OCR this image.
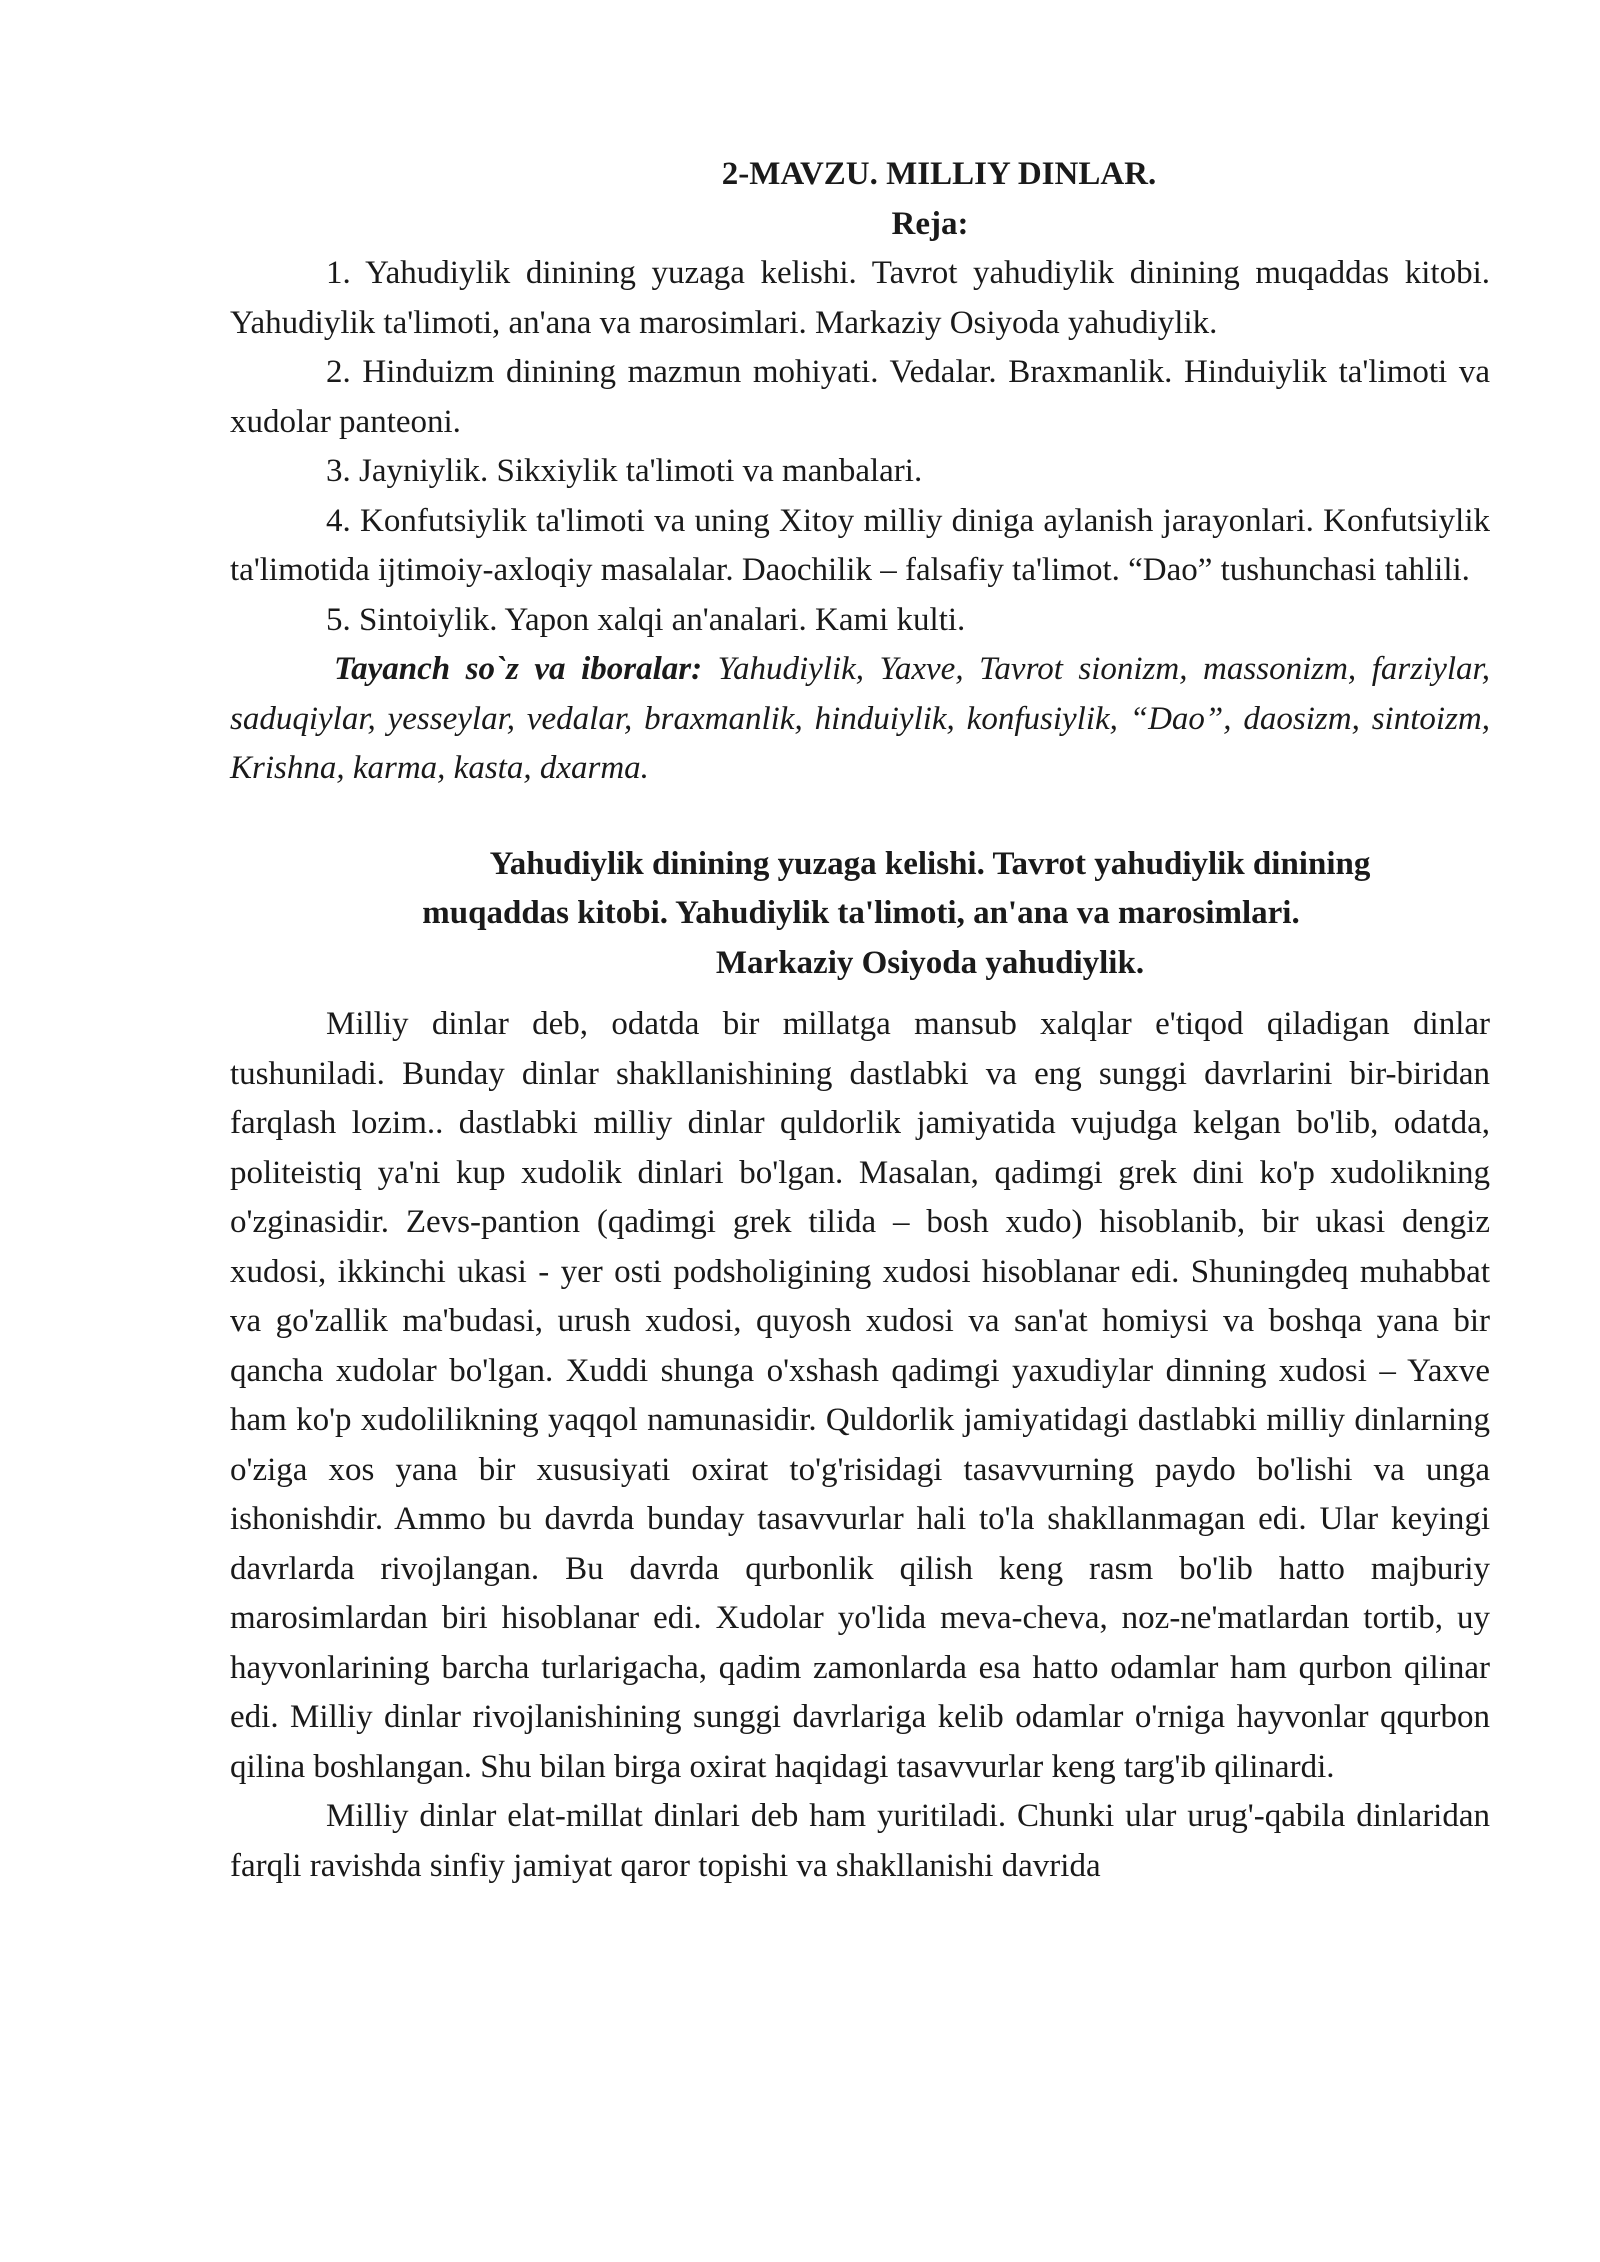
2-MAVZU. MILLIY DINLAR.

Reja:

1. Yahudiylik dinining yuzaga kelishi. Tavrot yahudiylik dinining muqaddas kitobi. Yahudiylik ta'limoti, an'ana va marosimlari. Markaziy Osiyoda yahudiylik.

2. Hinduizm dinining mazmun mohiyati. Vedalar. Braxmanlik. Hinduiylik ta'limoti va xudolar panteoni.

3. Jayniylik. Sikxiylik ta'limoti va manbalari.

4. Konfutsiylik ta'limoti va uning Xitoy milliy diniga aylanish jarayonlari. Konfutsiylik ta'limotida ijtimoiy-axloqiy masalalar. Daochilik – falsafiy ta'limot. “Dao” tushunchasi tahlili.

5. Sintoiylik. Yapon xalqi an'analari. Kami kulti.

Tayanch so`z va iboralar: Yahudiylik, Yaxve, Tavrot sionizm, massonizm, farziylar, saduqiylar, yesseylar, vedalar, braxmanlik, hinduiylik, konfusiylik, “Dao”, daosizm, sintoizm, Krishna, karma, kasta, dxarma.

Yahudiylik dinining yuzaga kelishi. Tavrot yahudiylik dinining
muqaddas kitobi. Yahudiylik ta'limoti, an'ana va marosimlari.
Markaziy Osiyoda yahudiylik.

Milliy dinlar deb, odatda bir millatga mansub xalqlar e'tiqod qiladigan dinlar tushuniladi. Bunday dinlar shakllanishining dastlabki va eng sunggi davrlarini bir-biridan farqlash lozim.. dastlabki milliy dinlar quldorlik jamiyatida vujudga kelgan bo'lib, odatda, politeistiq ya'ni kup xudolik dinlari bo'lgan. Masalan, qadimgi grek dini ko'p xudolikning o'zginasidir. Zevs-pantion (qadimgi grek tilida – bosh xudo) hisoblanib, bir ukasi dengiz xudosi, ikkinchi ukasi - yer osti podsholigining xudosi hisoblanar edi. Shuningdeq muhabbat va go'zallik ma'budasi, urush xudosi, quyosh xudosi va san'at homiysi va boshqa yana bir qancha xudolar bo'lgan. Xuddi shunga o'xshash qadimgi yaxudiylar dinning xudosi – Yaxve ham ko'p xudolilikning yaqqol namunasidir. Quldorlik jamiyatidagi dastlabki milliy dinlarning o'ziga xos yana bir xususiyati oxirat to'g'risidagi tasavvurning paydo bo'lishi va unga ishonishdir. Ammo bu davrda bunday tasavvurlar hali to'la shakllanmagan edi. Ular keyingi davrlarda rivojlangan. Bu davrda qurbonlik qilish keng rasm bo'lib hatto majburiy marosimlardan biri hisoblanar edi. Xudolar yo'lida meva-cheva, noz-ne'matlardan tortib, uy hayvonlarining barcha turlarigacha, qadim zamonlarda esa hatto odamlar ham qurbon qilinar edi. Milliy dinlar rivojlanishining sunggi davrlariga kelib odamlar o'rniga hayvonlar qqurbon qilina boshlangan. Shu bilan birga oxirat haqidagi tasavvurlar keng targ'ib qilinardi.

Milliy dinlar elat-millat dinlari deb ham yuritiladi. Chunki ular urug'-qabila dinlaridan farqli ravishda sinfiy jamiyat qaror topishi va shakllanishi davrida
